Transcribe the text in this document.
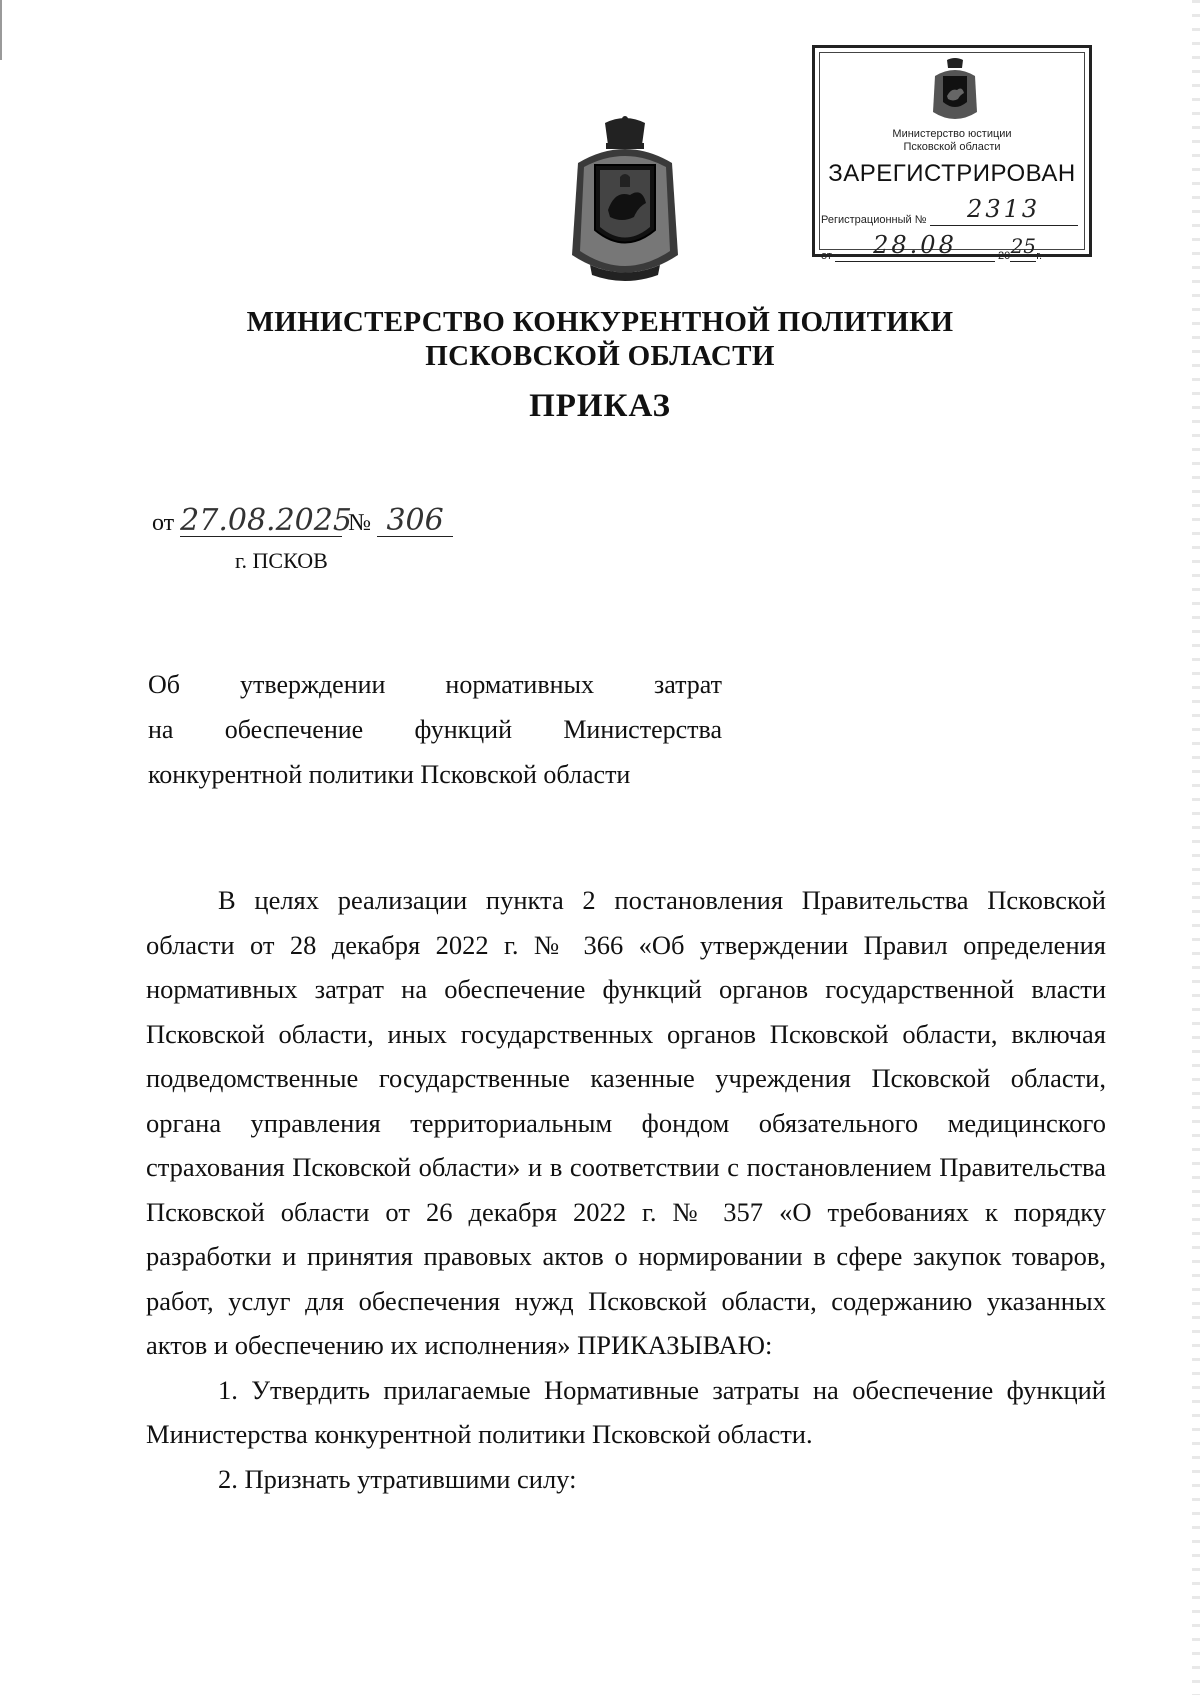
Министерство юстиции
Псковской области
ЗАРЕГИСТРИРОВАН
Регистрационный № 2313
от 28.08	2025г.
МИНИСТЕРСТВО КОНКУРЕНТНОЙ ПОЛИТИКИ
ПСКОВСКОЙ ОБЛАСТИ
ПРИКАЗ
от 27.08.2025 № 306
г. ПСКОВ
Об утверждении нормативных затрат
на обеспечение функций Министерства
конкурентной политики Псковской области

В целях реализации пункта 2 постановления Правительства Псковской области от 28 декабря 2022 г. № 366 «Об утверждении Правил определения нормативных затрат на обеспечение функций органов государственной власти Псковской области, иных государственных органов Псковской области, включая подведомственные государственные казенные учреждения Псковской области, органа управления территориальным фондом обязательного медицинского страхования Псковской области» и в соответствии с постановлением Правительства Псковской области от 26 декабря 2022 г. № 357 «О требованиях к порядку разработки и принятия правовых актов о нормировании в сфере закупок товаров, работ, услуг для обеспечения нужд Псковской области, содержанию указанных актов и обеспечению их исполнения» ПРИКАЗЫВАЮ:

1. Утвердить прилагаемые Нормативные затраты на обеспечение функций Министерства конкурентной политики Псковской области.

2. Признать утратившими силу:
